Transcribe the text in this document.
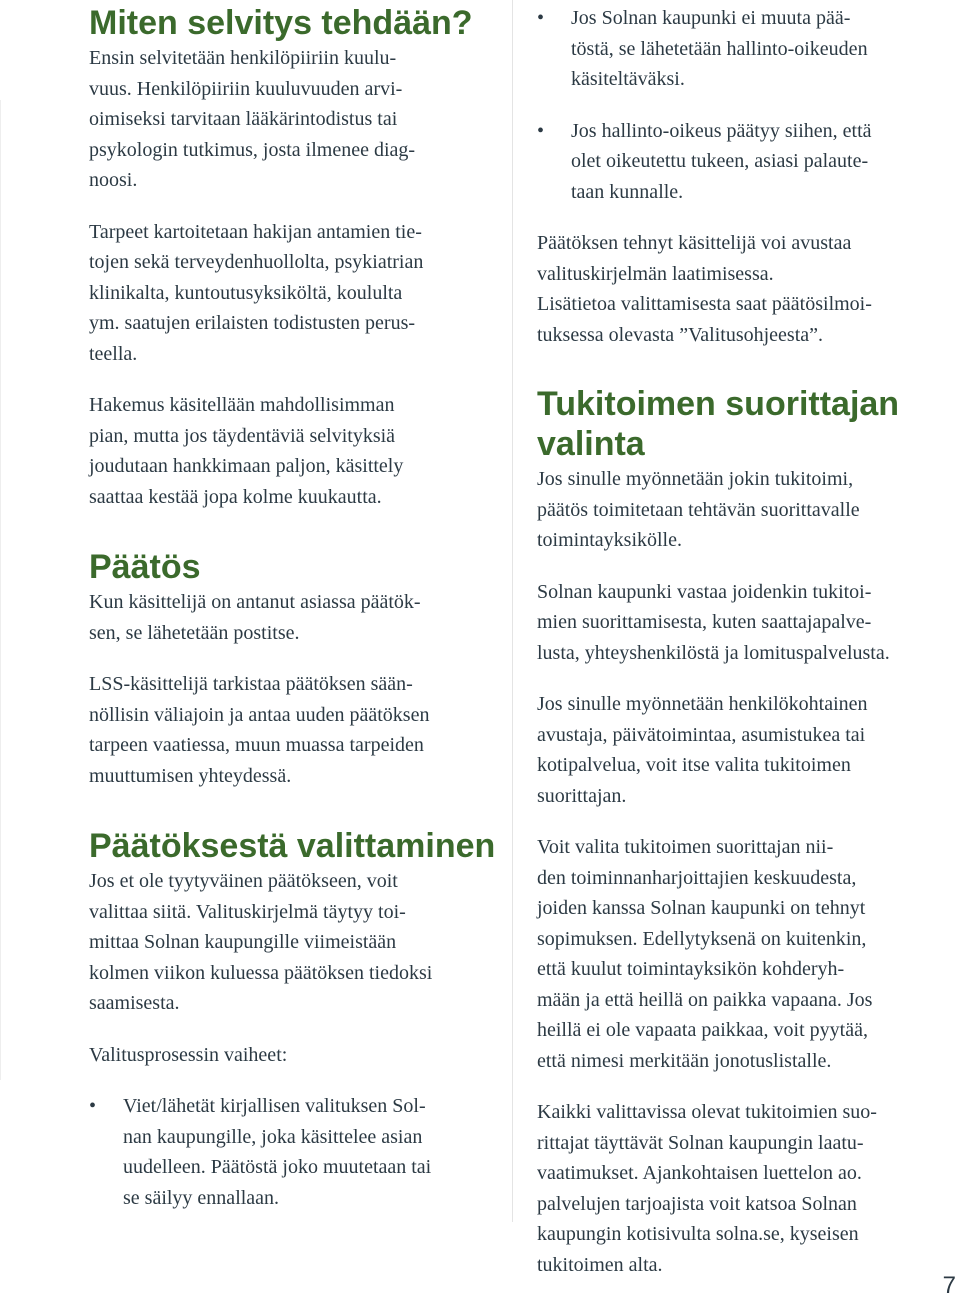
Miten selvitys tehdään?

Ensin selvitetään henkilöpiiriin kuulu-
vuus. Henkilöpiiriin kuuluvuuden arvi-
oimiseksi tarvitaan lääkärintodistus tai
psykologin tutkimus, josta ilmenee diag-
noosi.

Tarpeet kartoitetaan hakijan antamien tie-
tojen sekä terveydenhuollolta, psykiatrian
klinikalta, kuntoutusyksiköltä, koululta
ym. saatujen erilaisten todistusten perus-
teella.

Hakemus käsitellään mahdollisimman
pian, mutta jos täydentäviä selvityksiä
joudutaan hankkimaan paljon, käsittely
saattaa kestää jopa kolme kuukautta.

Päätös

Kun käsittelijä on antanut asiassa päätök-
sen, se lähetetään postitse.

LSS-käsittelijä tarkistaa päätöksen sään-
nöllisin väliajoin ja antaa uuden päätöksen
tarpeen vaatiessa, muun muassa tarpeiden
muuttumisen yhteydessä.

Päätöksestä valittaminen

Jos et ole tyytyväinen päätökseen, voit
valittaa siitä. Valituskirjelmä täytyy toi-
mittaa Solnan kaupungille viimeistään
kolmen viikon kuluessa päätöksen tiedoksi
saamisesta.

Valitusprosessin vaiheet:

• Viet/lähetät kirjallisen valituksen Sol-
nan kaupungille, joka käsittelee asian
uudelleen. Päätöstä joko muutetaan tai
se säilyy ennallaan.
• Jos Solnan kaupunki ei muuta pää-
töstä, se lähetetään hallinto-oikeuden
käsiteltäväksi.
• Jos hallinto-oikeus päätyy siihen, että
olet oikeutettu tukeen, asiasi palaute-
taan kunnalle.

Päätöksen tehnyt käsittelijä voi avustaa
valituskirjelmän laatimisessa.
Lisätietoa valittamisesta saat päätösilmoi-
tuksessa olevasta ”Valitusohjeesta”.

Tukitoimen suorittajan
valinta

Jos sinulle myönnetään jokin tukitoimi,
päätös toimitetaan tehtävän suorittavalle
toimintayksikölle.

Solnan kaupunki vastaa joidenkin tukitoi-
mien suorittamisesta, kuten saattajapalve-
lusta, yhteyshenkilöstä ja lomituspalvelusta.

Jos sinulle myönnetään henkilökohtainen
avustaja, päivätoimintaa, asumistukea tai
kotipalvelua, voit itse valita tukitoimen
suorittajan.

Voit valita tukitoimen suorittajan nii-
den toiminnanharjoittajien keskuudesta,
joiden kanssa Solnan kaupunki on tehnyt
sopimuksen. Edellytyksenä on kuitenkin,
että kuulut toimintayksikön kohderyh-
mään ja että heillä on paikka vapaana. Jos
heillä ei ole vapaata paikkaa, voit pyytää,
että nimesi merkitään jonotuslistalle.

Kaikki valittavissa olevat tukitoimien suo-
rittajat täyttävät Solnan kaupungin laatu-
vaatimukset. Ajankohtaisen luettelon ao.
palvelujen tarjoajista voit katsoa Solnan
kaupungin kotisivulta solna.se, kyseisen
tukitoimen alta.

7
